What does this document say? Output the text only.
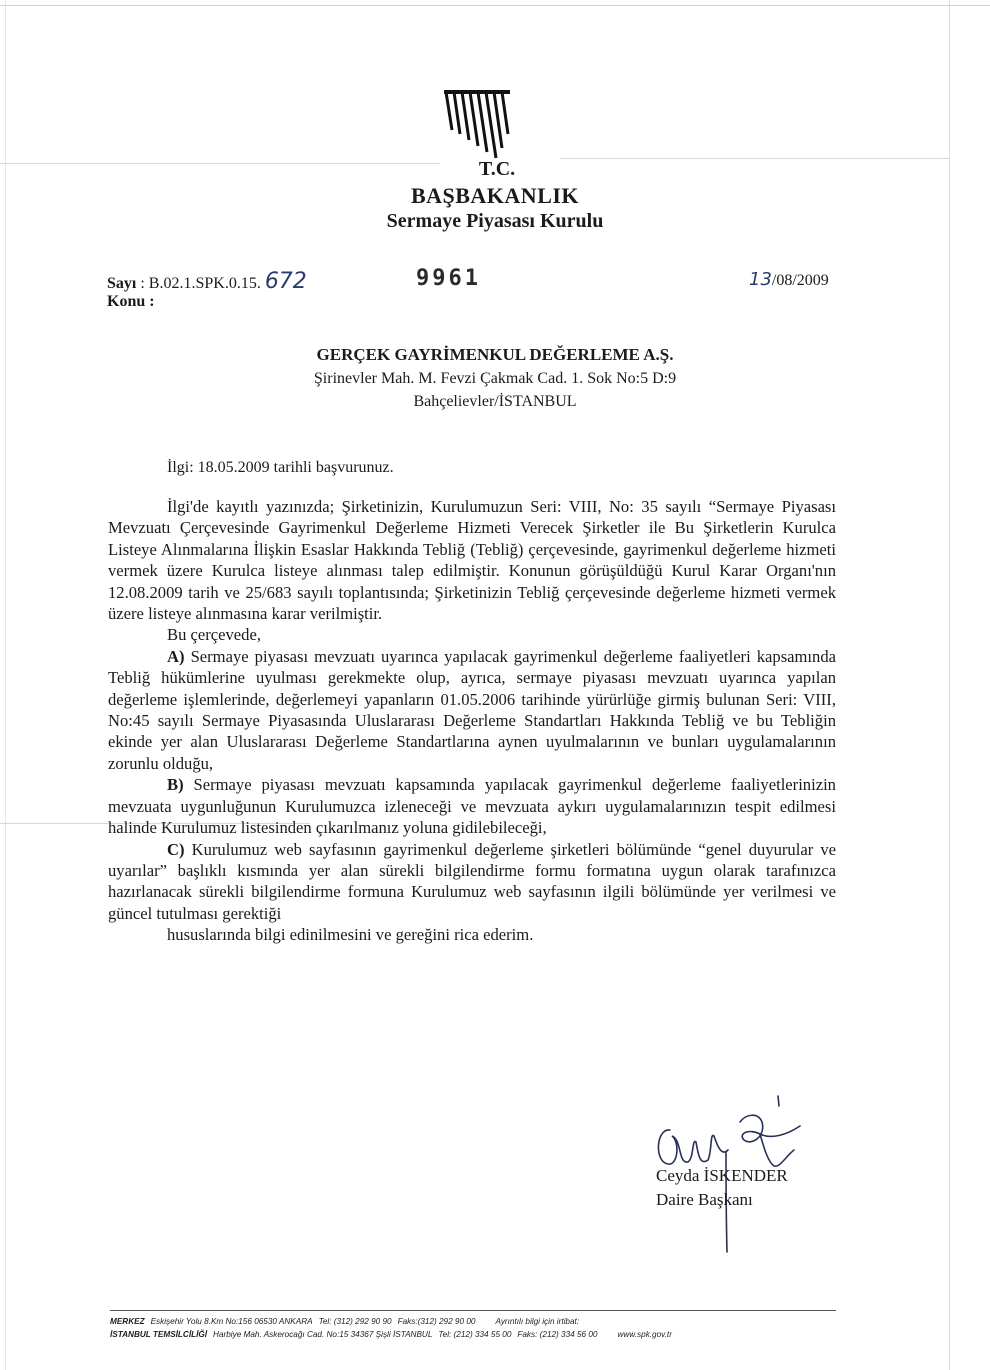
T.C.
BAŞBAKANLIK
Sermaye Piyasası Kurulu
Sayı : B.02.1.SPK.0.15. 672	9961	13/08/2009
Konu :
GERÇEK GAYRİMENKUL DEĞERLEME A.Ş.
Şirinevler Mah. M. Fevzi Çakmak Cad. 1. Sok No:5 D:9
Bahçelievler/İSTANBUL
İlgi: 18.05.2009 tarihli başvurunuz.

İlgi'de kayıtlı yazınızda; Şirketinizin, Kurulumuzun Seri: VIII, No: 35 sayılı “Sermaye Piyasası Mevzuatı Çerçevesinde Gayrimenkul Değerleme Hizmeti Verecek Şirketler ile Bu Şirketlerin Kurulca Listeye Alınmalarına İlişkin Esaslar Hakkında Tebliğ (Tebliğ) çerçevesinde, gayrimenkul değerleme hizmeti vermek üzere Kurulca listeye alınması talep edilmiştir. Konunun görüşüldüğü Kurul Karar Organı'nın 12.08.2009 tarih ve 25/683 sayılı toplantısında; Şirketinizin Tebliğ çerçevesinde değerleme hizmeti vermek üzere listeye alınmasına karar verilmiştir.

Bu çerçevede,

A) Sermaye piyasası mevzuatı uyarınca yapılacak gayrimenkul değerleme faaliyetleri kapsamında Tebliğ hükümlerine uyulması gerekmekte olup, ayrıca, sermaye piyasası mevzuatı uyarınca yapılan değerleme işlemlerinde, değerlemeyi yapanların 01.05.2006 tarihinde yürürlüğe girmiş bulunan Seri: VIII, No:45 sayılı Sermaye Piyasasında Uluslararası Değerleme Standartları Hakkında Tebliğ ve bu Tebliğin ekinde yer alan Uluslararası Değerleme Standartlarına aynen uyulmalarının ve bunları uygulamalarının zorunlu olduğu,

B) Sermaye piyasası mevzuatı kapsamında yapılacak gayrimenkul değerleme faaliyetlerinizin mevzuata uygunluğunun Kurulumuzca izleneceği ve mevzuata aykırı uygulamalarınızın tespit edilmesi halinde Kurulumuz listesinden çıkarılmanız yoluna gidilebileceği,

C) Kurulumuz web sayfasının gayrimenkul değerleme şirketleri bölümünde “genel duyurular ve uyarılar” başlıklı kısmında yer alan sürekli bilgilendirme formu formatına uygun olarak tarafınızca hazırlanacak sürekli bilgilendirme formuna Kurulumuz web sayfasının ilgili bölümünde yer verilmesi ve güncel tutulması gerektiği

hususlarında bilgi edinilmesini ve gereğini rica ederim.

Ceyda İSKENDER
Daire Başkanı
MERKEZ Eskişehir Yolu 8.Km No:156 06530 ANKARA Tel: (312) 292 90 90 Faks:(312) 292 90 00 Ayrıntılı bilgi için irtibat:
İSTANBUL TEMSİLCİLİĞİ Harbiye Mah. Askerocağı Cad. No:15 34367 Şişli İSTANBUL Tel: (212) 334 55 00 Faks: (212) 334 56 00 www.spk.gov.tr
